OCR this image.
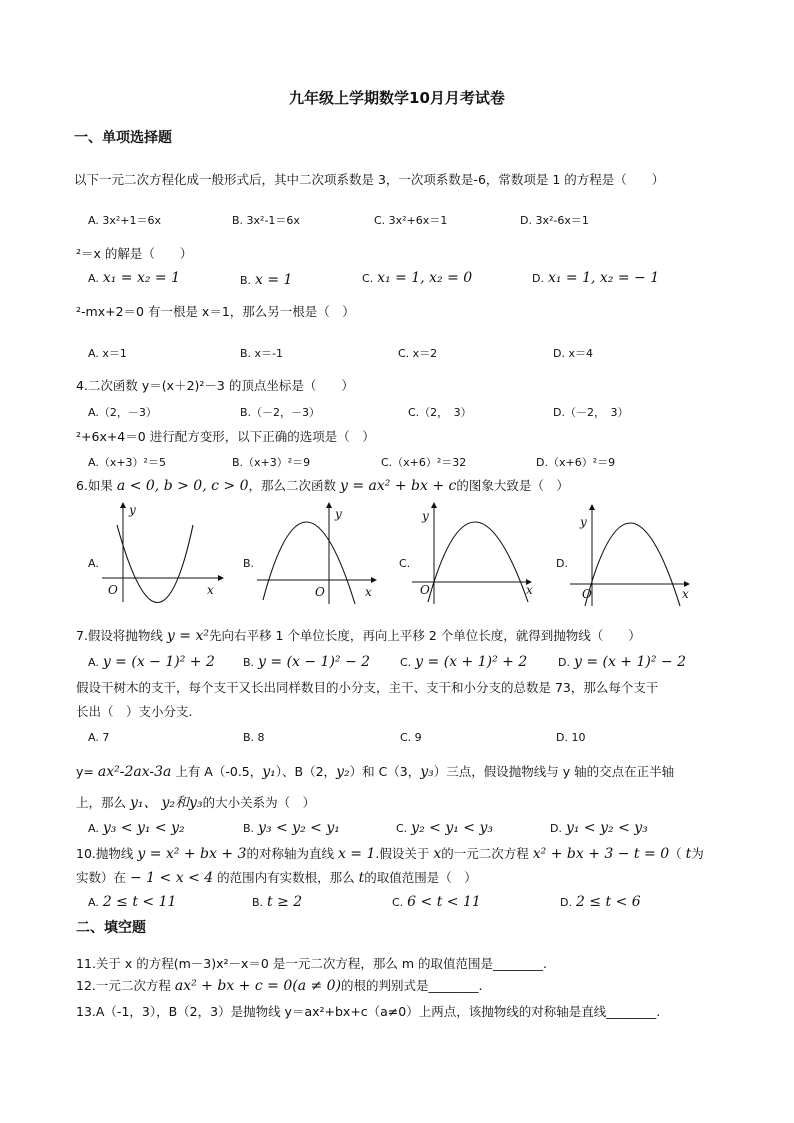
九年级上学期数学10月月考试卷
一、单项选择题
以下一元二次方程化成一般形式后，其中二次项系数是 3，一次项系数是-6，常数项是 1 的方程是（　　）
A. 3x²+1＝6x	B. 3x²-1＝6x	C. 3x²+6x＝1	D. 3x²-6x＝1
²＝x 的解是（　　）
A. x₁ = x₂ = 1	B. x = 1	C. x₁ = 1, x₂ = 0	D. x₁ = 1, x₂ = − 1
²-mx+2＝0 有一根是 x＝1，那么另一根是（　）
A. x＝1	B. x＝-1	C. x＝2	D. x＝4
4.二次函数 y＝(x＋2)²－3 的顶点坐标是（　　）
A.（2，－3）	B.（－2，－3）	C.（2，　3）	D.（－2，　3）
²+6x+4＝0 进行配方变形，以下正确的选项是（　）
A.（x+3）²＝5	B.（x+3）²＝9	C.（x+6）²＝32	D.（x+6）²＝9
6.如果 a < 0, b > 0, c > 0，那么二次函数 y = ax² + bx + c的图象大致是（　）
A.	B.	C.	D.
y
x
O
y
x
O
y
x
O
y
x
O
7.假设将抛物线 y = x²先向右平移 1 个单位长度，再向上平移 2 个单位长度，就得到抛物线（　　）
A. y = (x − 1)² + 2	B. y = (x − 1)² − 2	C. y = (x + 1)² + 2	D. y = (x + 1)² − 2
假设干树木的支干，每个支干又长出同样数目的小分支，主干、支干和小分支的总数是 73，那么每个支干
长出（　）支小分支.
A. 7	B. 8	C. 9	D. 10
y= ax²-2ax-3a 上有 A（-0.5，y₁）、B（2，y₂）和 C（3，y₃）三点，假设抛物线与 y 轴的交点在正半轴
上，那么 y₁、 y₂和y₃的大小关系为（　）
A. y₃ < y₁ < y₂	B. y₃ < y₂ < y₁	C. y₂ < y₁ < y₃	D. y₁ < y₂ < y₃
10.抛物线 y = x² + bx + 3的对称轴为直线 x = 1.假设关于 x的一元二次方程 x² + bx + 3 − t = 0（ t为
实数）在 − 1 < x < 4 的范围内有实数根，那么 t的取值范围是（　）
A. 2 ≤ t < 11	B. t ≥ 2	C. 6 < t < 11	D. 2 ≤ t < 6
二、填空题
11.关于 x 的方程(m－3)x²－x＝0 是一元二次方程，那么 m 的取值范围是________.
12.一元二次方程 ax² + bx + c = 0(a ≠ 0)的根的判别式是________.
13.A（-1，3），B（2，3）是抛物线 y＝ax²+bx+c（a≠0）上两点，该抛物线的对称轴是直线________.
